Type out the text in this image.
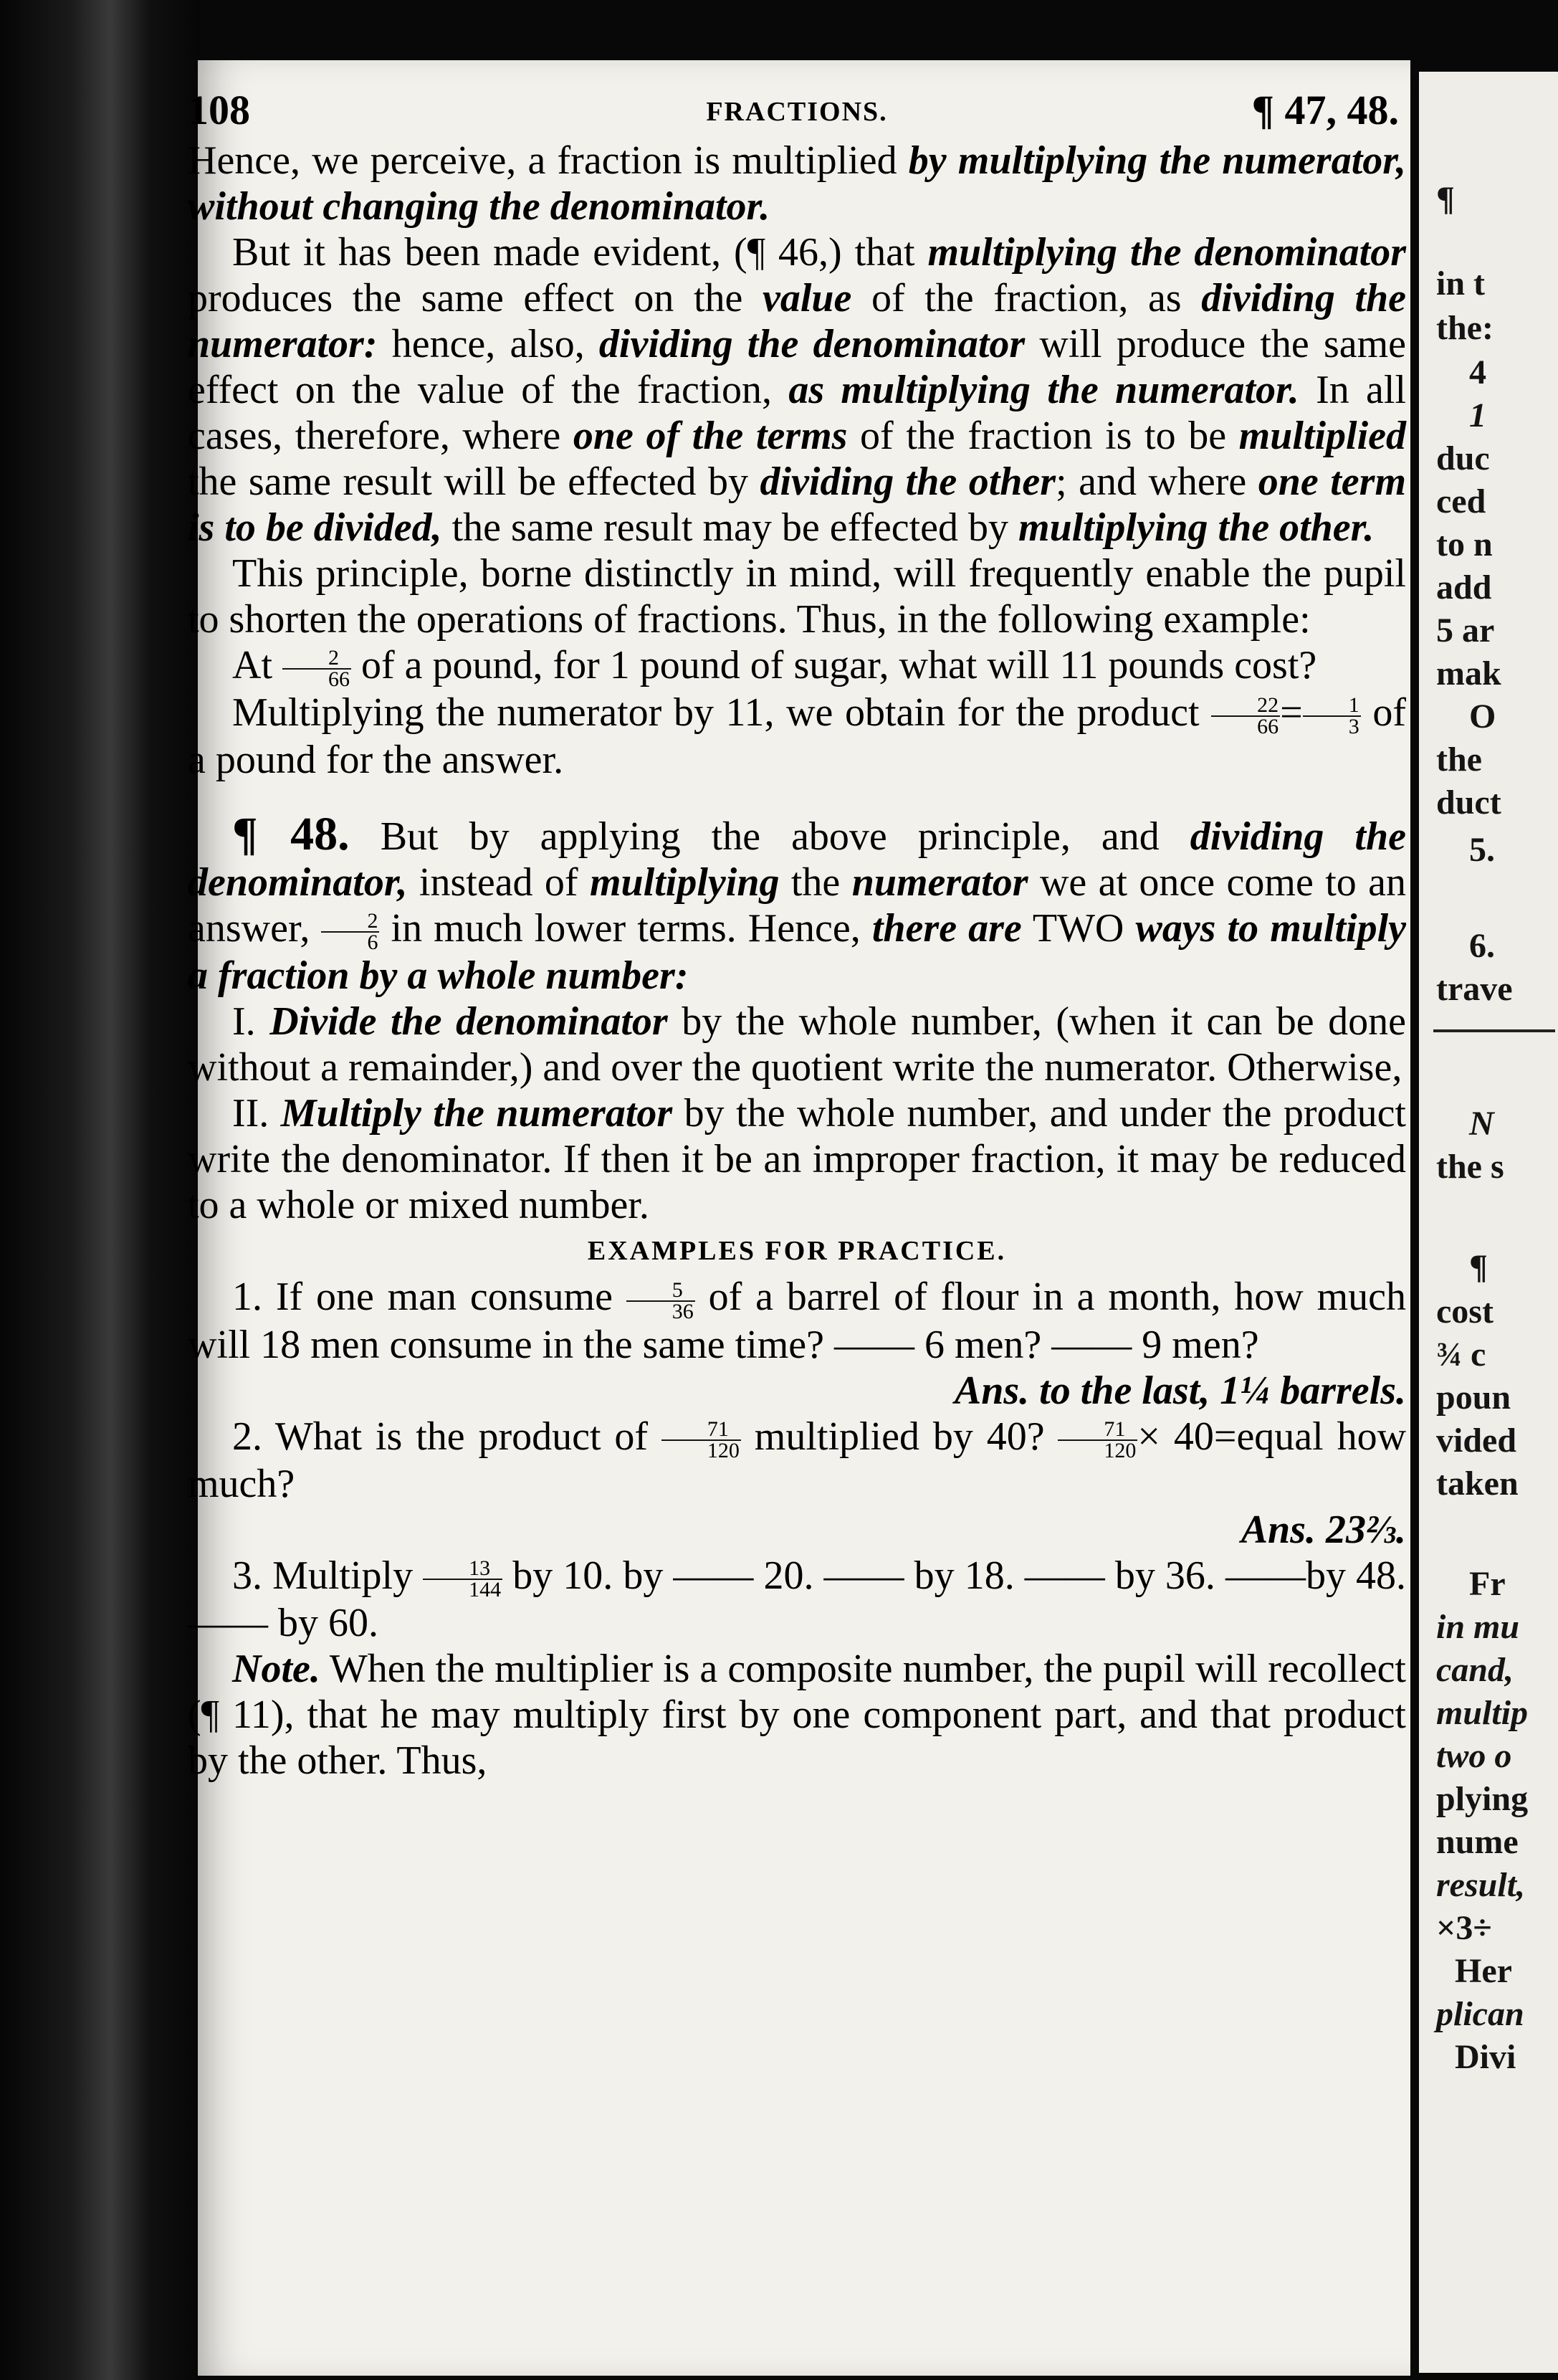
¶
in t
the:
4
1
duc
ced
to n
add
5 ar
mak
O
the
duct
5.
6.
trave
N
the s
¶
cost
¾ c
poun
vided
taken
Fr
in mu
cand,
multip
two o
plying
nume
result,
×3÷
Her
plican
Divi
108	FRACTIONS.	¶ 47, 48.

Hence, we perceive, a fraction is multiplied by multiplying the numerator, without changing the denominator.

But it has been made evident, (¶ 46,) that multiplying the denominator produces the same effect on the value of the fraction, as dividing the numerator: hence, also, dividing the denominator will produce the same effect on the value of the fraction, as multiplying the numerator. In all cases, therefore, where one of the terms of the fraction is to be multiplied the same result will be effected by dividing the other; and where one term is to be divided, the same result may be effected by multiplying the other.

This principle, borne distinctly in mind, will frequently enable the pupil to shorten the operations of fractions. Thus, in the following example:

At $\frac{2}{66}$ of a pound, for 1 pound of sugar, what will 11 pounds cost?

Multiplying the numerator by 11, we obtain for the product $\frac{22}{66} = \frac{1}{3}$ of a pound for the answer.

¶ 48. But by applying the above principle, and dividing the denominator, instead of multiplying the numerator we at once come to an answer, $\frac{2}{6}$ in much lower terms. Hence, there are TWO ways to multiply a fraction by a whole number:

I. Divide the denominator by the whole number, (when it can be done without a remainder,) and over the quotient write the numerator. Otherwise,

II. Multiply the numerator by the whole number, and under the product write the denominator. If then it be an improper fraction, it may be reduced to a whole or mixed number.

EXAMPLES FOR PRACTICE.

1. If one man consume $\frac{5}{36}$ of a barrel of flour in a month, how much will 18 men consume in the same time? —— 6 men? —— 9 men?

Ans. to the last, 1¼ barrels.

2. What is the product of $\frac{71}{120}$ multiplied by 40? $\frac{71}{120}$ × 40=equal how much?

Ans. 23⅔.

3. Multiply $\frac{13}{144}$ by 10. by —— 20. —— by 18. —— by 36. ——by 48. —— by 60.

Note. When the multiplier is a composite number, the pupil will recollect (¶ 11), that he may multiply first by one component part, and that product by the other. Thus,
